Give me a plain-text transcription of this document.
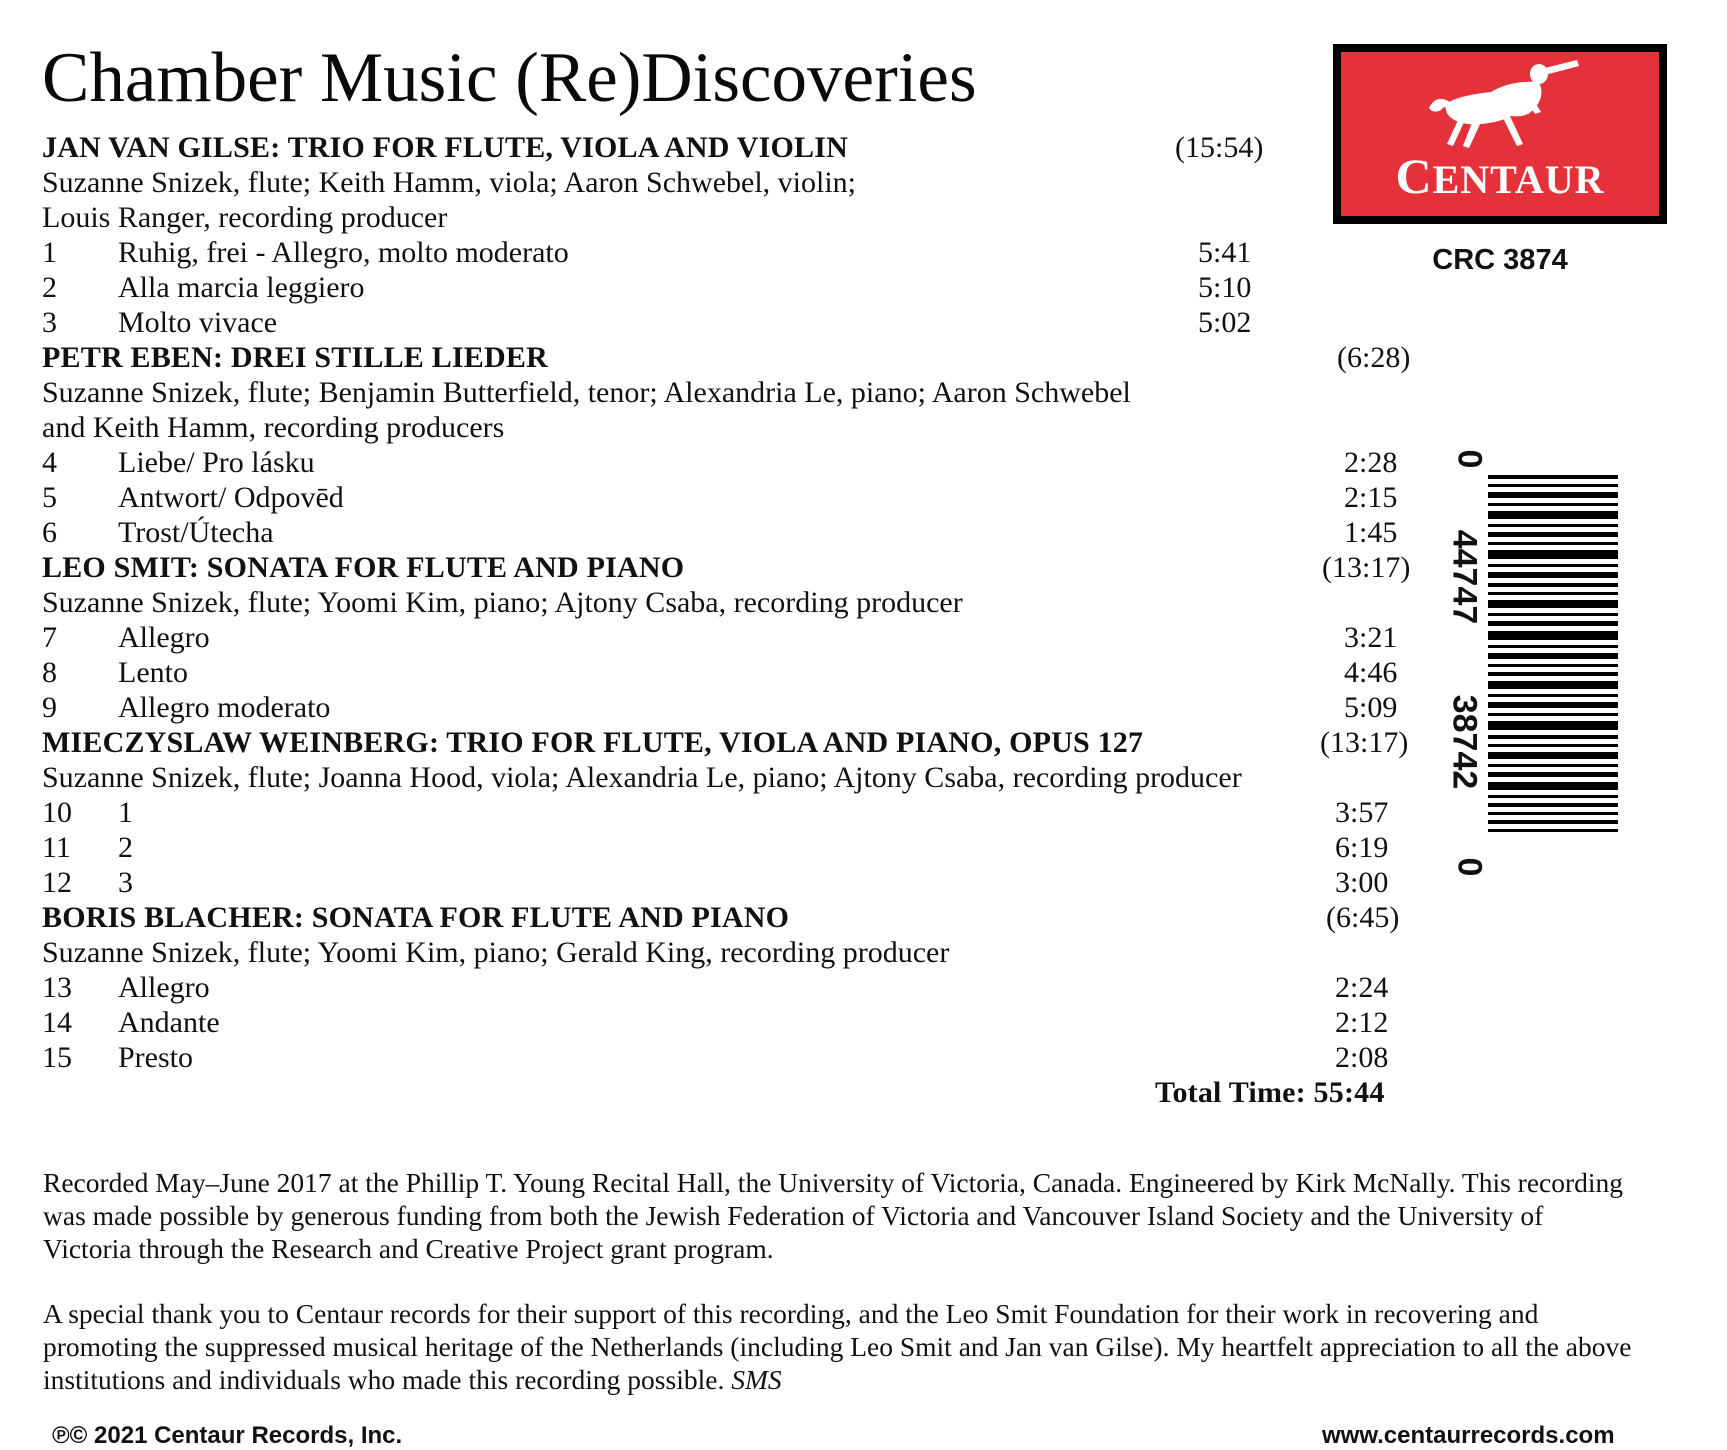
Chamber Music (Re)Discoveries
JAN VAN GILSE: TRIO FOR FLUTE, VIOLA AND VIOLIN	(15:54)
Suzanne Snizek, flute; Keith Hamm, viola; Aaron Schwebel, violin;
Louis Ranger, recording producer
1 Ruhig, frei - Allegro, molto moderato	5:41
2 Alla marcia leggiero	5:10
3 Molto vivace	5:02
PETR EBEN: DREI STILLE LIEDER	(6:28)
Suzanne Snizek, flute; Benjamin Butterfield, tenor; Alexandria Le, piano; Aaron Schwebel
and Keith Hamm, recording producers
4 Liebe/ Pro lásku	2:28
5 Antwort/ Odpovēd	2:15
6 Trost/Útecha	1:45
LEO SMIT: SONATA FOR FLUTE AND PIANO	(13:17)
Suzanne Snizek, flute; Yoomi Kim, piano; Ajtony Csaba, recording producer
7 Allegro	3:21
8 Lento	4:46
9 Allegro moderato	5:09
MIECZYSLAW WEINBERG: TRIO FOR FLUTE, VIOLA AND PIANO, OPUS 127	(13:17)
Suzanne Snizek, flute; Joanna Hood, viola; Alexandria Le, piano; Ajtony Csaba, recording producer
10 1	3:57
11 2	6:19
12 3	3:00
BORIS BLACHER: SONATA FOR FLUTE AND PIANO	(6:45)
Suzanne Snizek, flute; Yoomi Kim, piano; Gerald King, recording producer
13 Allegro	2:24
14 Andante	2:12
15 Presto	2:08
Total Time: 55:44
Recorded May–June 2017 at the Phillip T. Young Recital Hall, the University of Victoria, Canada. Engineered by Kirk McNally. This recording was made possible by generous funding from both the Jewish Federation of Victoria and Vancouver Island Society and the University of Victoria through the Research and Creative Project grant program.
A special thank you to Centaur records for their support of this recording, and the Leo Smit Foundation for their work in recovering and promoting the suppressed musical heritage of the Netherlands (including Leo Smit and Jan van Gilse). My heartfelt appreciation to all the above institutions and individuals who made this recording possible. SMS
CENTAUR
CRC 3874
0
44747
38742
0
℗© 2021 Centaur Records, Inc.	www.centaurrecords.com
